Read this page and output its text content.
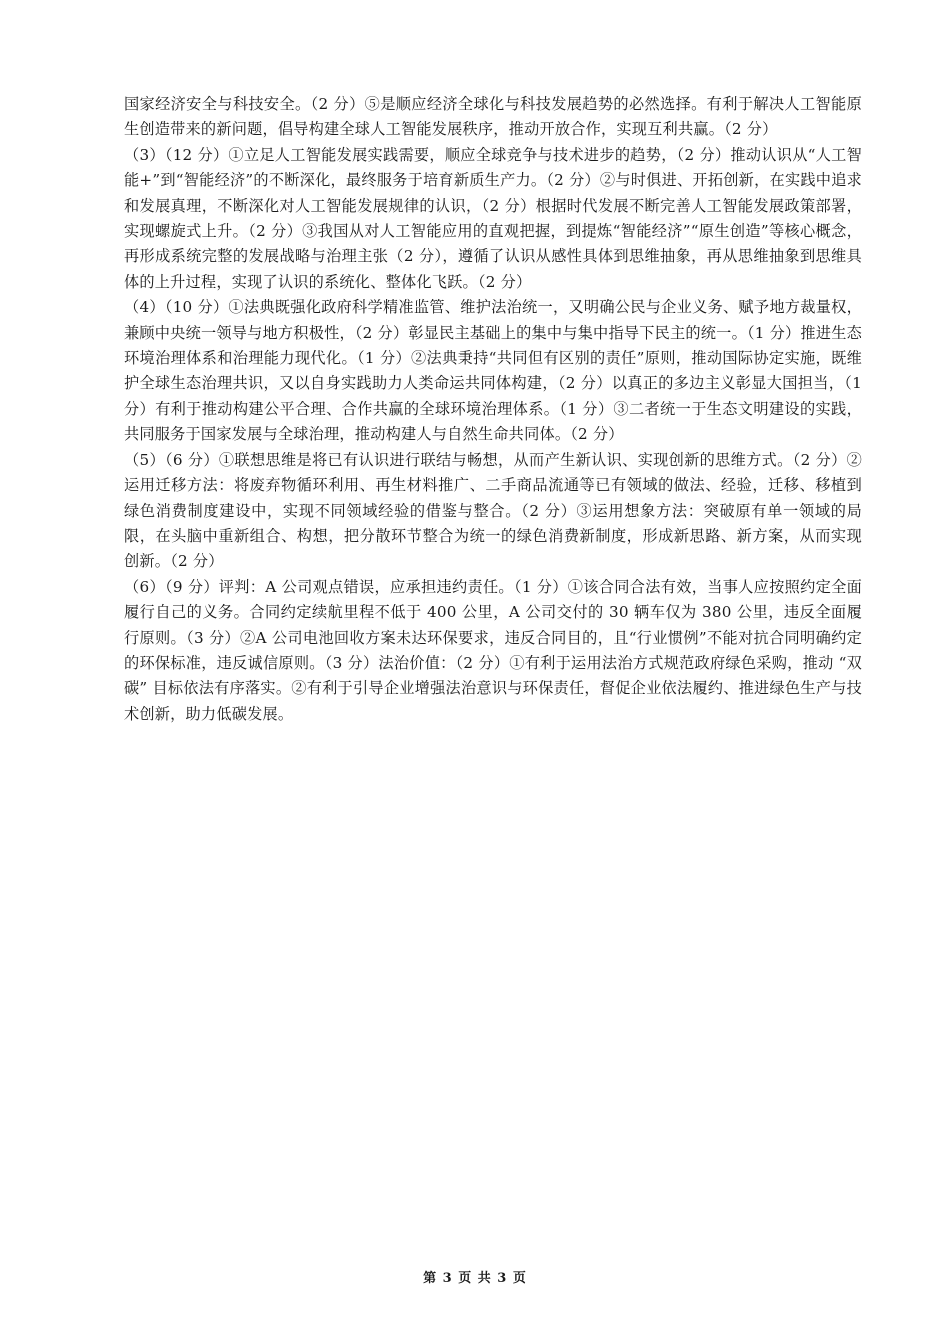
国家经济安全与科技安全。（2 分）⑤是顺应经济全球化与科技发展趋势的必然选择。有利于解决人工智能原生创造带来的新问题，倡导构建全球人工智能发展秩序，推动开放合作，实现互利共赢。（2 分）

（3）（12 分）①立足人工智能发展实践需要，顺应全球竞争与技术进步的趋势，（2 分）推动认识从“人工智能+”到“智能经济”的不断深化，最终服务于培育新质生产力。（2 分）②与时俱进、开拓创新，在实践中追求和发展真理，不断深化对人工智能发展规律的认识，（2 分）根据时代发展不断完善人工智能发展政策部署，实现螺旋式上升。（2 分）③我国从对人工智能应用的直观把握，到提炼“智能经济”“原生创造”等核心概念，再形成系统完整的发展战略与治理主张（2 分），遵循了认识从感性具体到思维抽象，再从思维抽象到思维具体的上升过程，实现了认识的系统化、整体化飞跃。（2 分）

（4）（10 分）①法典既强化政府科学精准监管、维护法治统一，又明确公民与企业义务、赋予地方裁量权，兼顾中央统一领导与地方积极性，（2 分）彰显民主基础上的集中与集中指导下民主的统一。（1 分）推进生态环境治理体系和治理能力现代化。（1 分）②法典秉持“共同但有区别的责任”原则，推动国际协定实施，既维护全球生态治理共识，又以自身实践助力人类命运共同体构建，（2 分）以真正的多边主义彰显大国担当，（1 分）有利于推动构建公平合理、合作共赢的全球环境治理体系。（1 分）③二者统一于生态文明建设的实践，共同服务于国家发展与全球治理，推动构建人与自然生命共同体。（2 分）

（5）（6 分）①联想思维是将已有认识进行联结与畅想，从而产生新认识、实现创新的思维方式。（2 分）②运用迁移方法：将废弃物循环利用、再生材料推广、二手商品流通等已有领域的做法、经验，迁移、移植到绿色消费制度建设中，实现不同领域经验的借鉴与整合。（2 分）③运用想象方法：突破原有单一领域的局限，在头脑中重新组合、构想，把分散环节整合为统一的绿色消费新制度，形成新思路、新方案，从而实现创新。（2 分）

（6）（9 分）评判：A 公司观点错误，应承担违约责任。（1 分）①该合同合法有效，当事人应按照约定全面履行自己的义务。合同约定续航里程不低于 400 公里，A 公司交付的 30 辆车仅为 380 公里，违反全面履行原则。（3 分）②A 公司电池回收方案未达环保要求，违反合同目的，且“行业惯例”不能对抗合同明确约定的环保标准，违反诚信原则。（3 分）法治价值：（2 分）①有利于运用法治方式规范政府绿色采购，推动 “双碳” 目标依法有序落实。②有利于引导企业增强法治意识与环保责任，督促企业依法履约、推进绿色生产与技术创新，助力低碳发展。

第 3 页 共 3 页
